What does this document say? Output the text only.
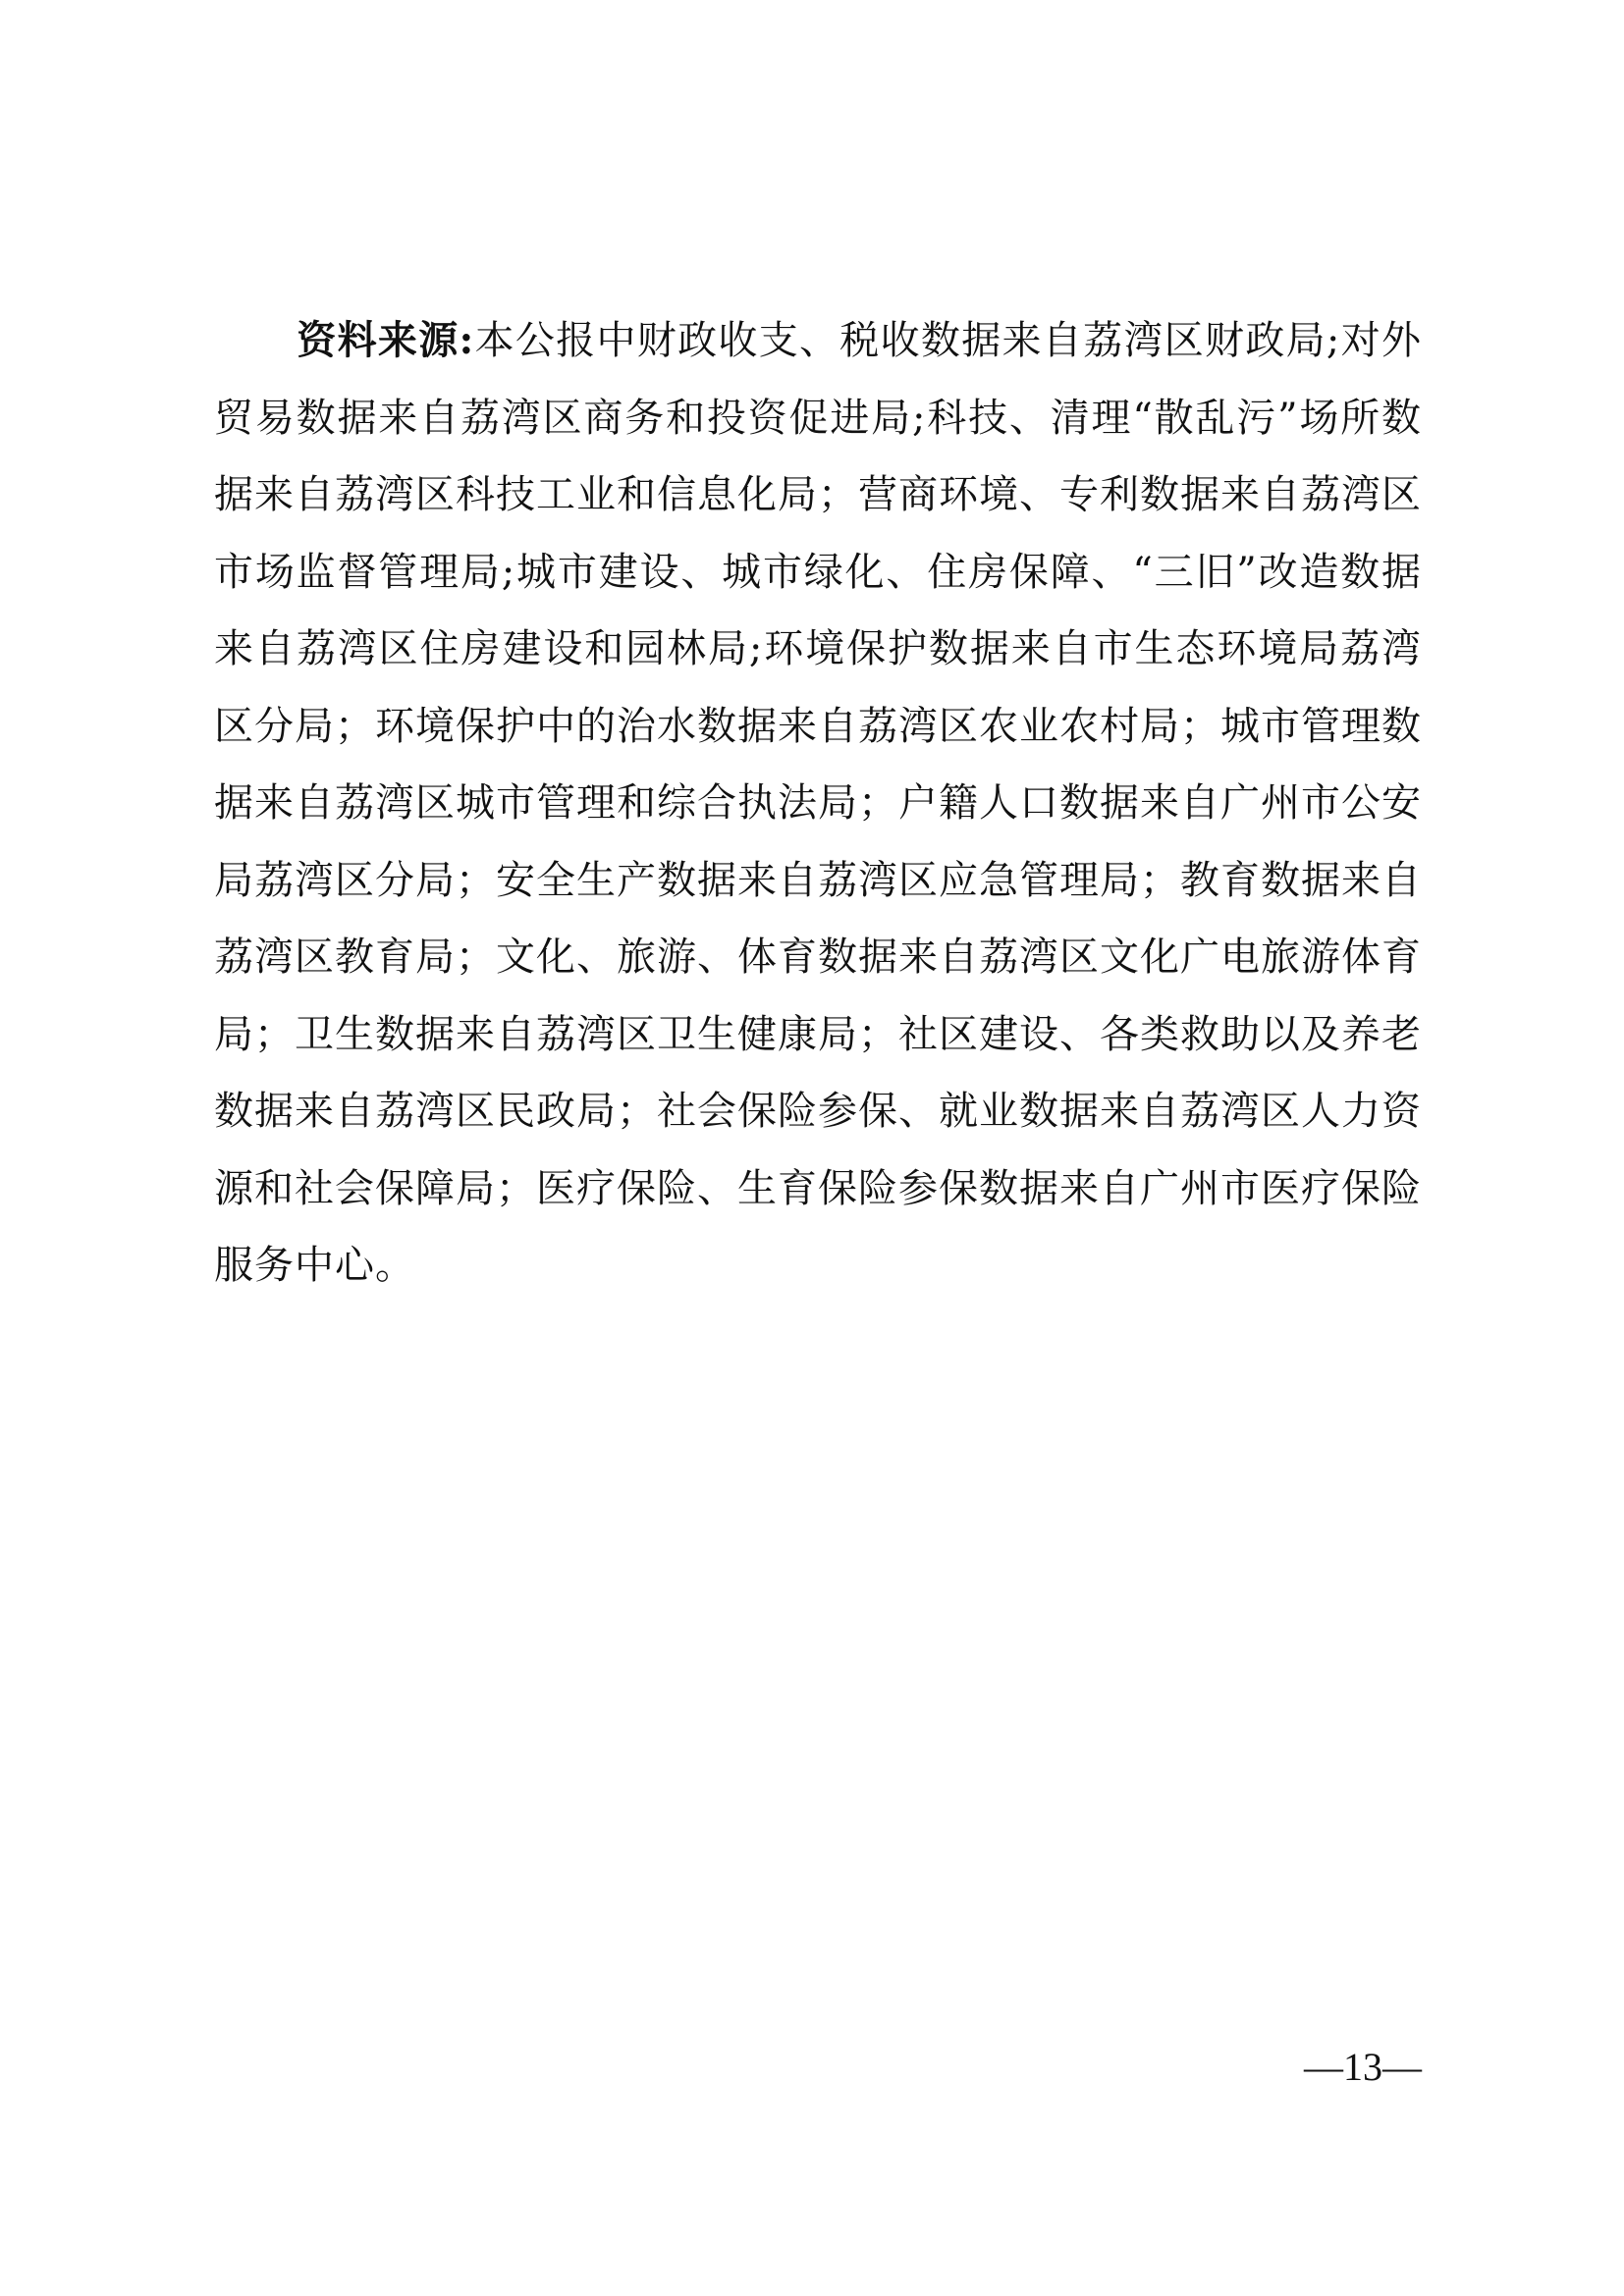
资料来源:本公报中财政收支、税收数据来自荔湾区财政局;对外贸易数据来自荔湾区商务和投资促进局;科技、清理“散乱污”场所数据来自荔湾区科技工业和信息化局；营商环境、专利数据来自荔湾区市场监督管理局;城市建设、城市绿化、住房保障、“三旧”改造数据来自荔湾区住房建设和园林局;环境保护数据来自市生态环境局荔湾区分局；环境保护中的治水数据来自荔湾区农业农村局；城市管理数据来自荔湾区城市管理和综合执法局；户籍人口数据来自广州市公安局荔湾区分局；安全生产数据来自荔湾区应急管理局；教育数据来自荔湾区教育局；文化、旅游、体育数据来自荔湾区文化广电旅游体育局；卫生数据来自荔湾区卫生健康局；社区建设、各类救助以及养老数据来自荔湾区民政局；社会保险参保、就业数据来自荔湾区人力资源和社会保障局；医疗保险、生育保险参保数据来自广州市医疗保险服务中心。

—13—
